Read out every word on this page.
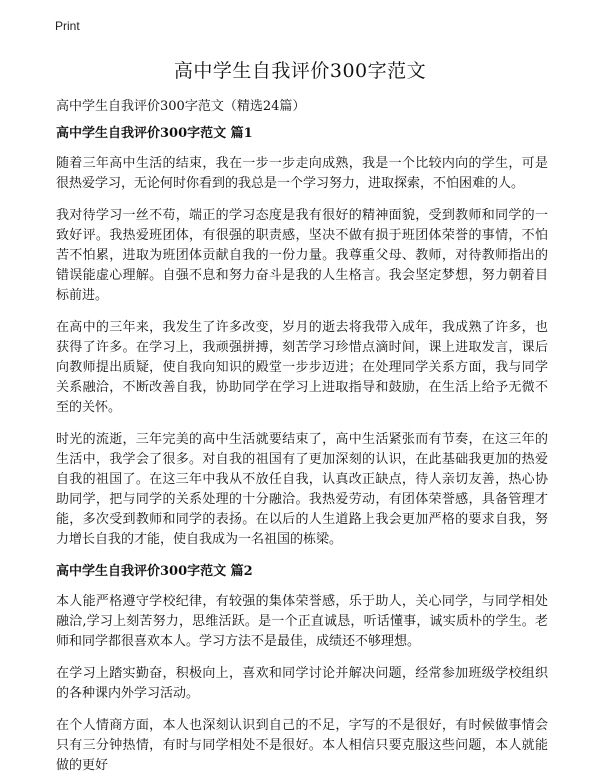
Print
高中学生自我评价300字范文
高中学生自我评价300字范文（精选24篇）
高中学生自我评价300字范文 篇1

随着三年高中生活的结束，我在一步一步走向成熟，我是一个比较内向的学生，可是很热爱学习，无论何时你看到的我总是一个学习努力，进取探索，不怕困难的人。

我对待学习一丝不苟，端正的学习态度是我有很好的精神面貌，受到教师和同学的一致好评。我热爱班团体，有很强的职责感，坚决不做有损于班团体荣誉的事情，不怕苦不怕累，进取为班团体贡献自我的一份力量。我尊重父母、教师，对待教师指出的错误能虚心理解。自强不息和努力奋斗是我的人生格言。我会坚定梦想，努力朝着目标前进。

在高中的三年来，我发生了许多改变，岁月的逝去将我带入成年，我成熟了许多，也获得了许多。在学习上，我顽强拼搏，刻苦学习珍惜点滴时间，课上进取发言，课后向教师提出质疑，使自我向知识的殿堂一步步迈进；在处理同学关系方面，我与同学关系融洽，不断改善自我，协助同学在学习上进取指导和鼓励，在生活上给予无微不至的关怀。

时光的流逝，三年完美的高中生活就要结束了，高中生活紧张而有节奏，在这三年的生活中，我学会了很多。对自我的祖国有了更加深刻的认识，在此基础我更加的热爱自我的祖国了。在这三年中我从不放任自我，认真改正缺点，待人亲切友善，热心协助同学，把与同学的关系处理的十分融洽。我热爱劳动，有团体荣誉感，具备管理才能，多次受到教师和同学的表扬。在以后的人生道路上我会更加严格的要求自我，努力增长自我的才能，使自我成为一名祖国的栋梁。

高中学生自我评价300字范文 篇2

本人能严格遵守学校纪律，有较强的集体荣誉感，乐于助人，关心同学，与同学相处融洽,学习上刻苦努力，思维活跃。是一个正直诚恳，听话懂事，诚实质朴的学生。老师和同学都很喜欢本人。学习方法不是最佳，成绩还不够理想。

在学习上踏实勤奋，积极向上，喜欢和同学讨论并解决问题，经常参加班级学校组织的各种课内外学习活动。

在个人情商方面，本人也深刻认识到自己的不足，字写的不是很好，有时候做事情会只有三分钟热情，有时与同学相处不是很好。本人相信只要克服这些问题，本人就能做的更好
